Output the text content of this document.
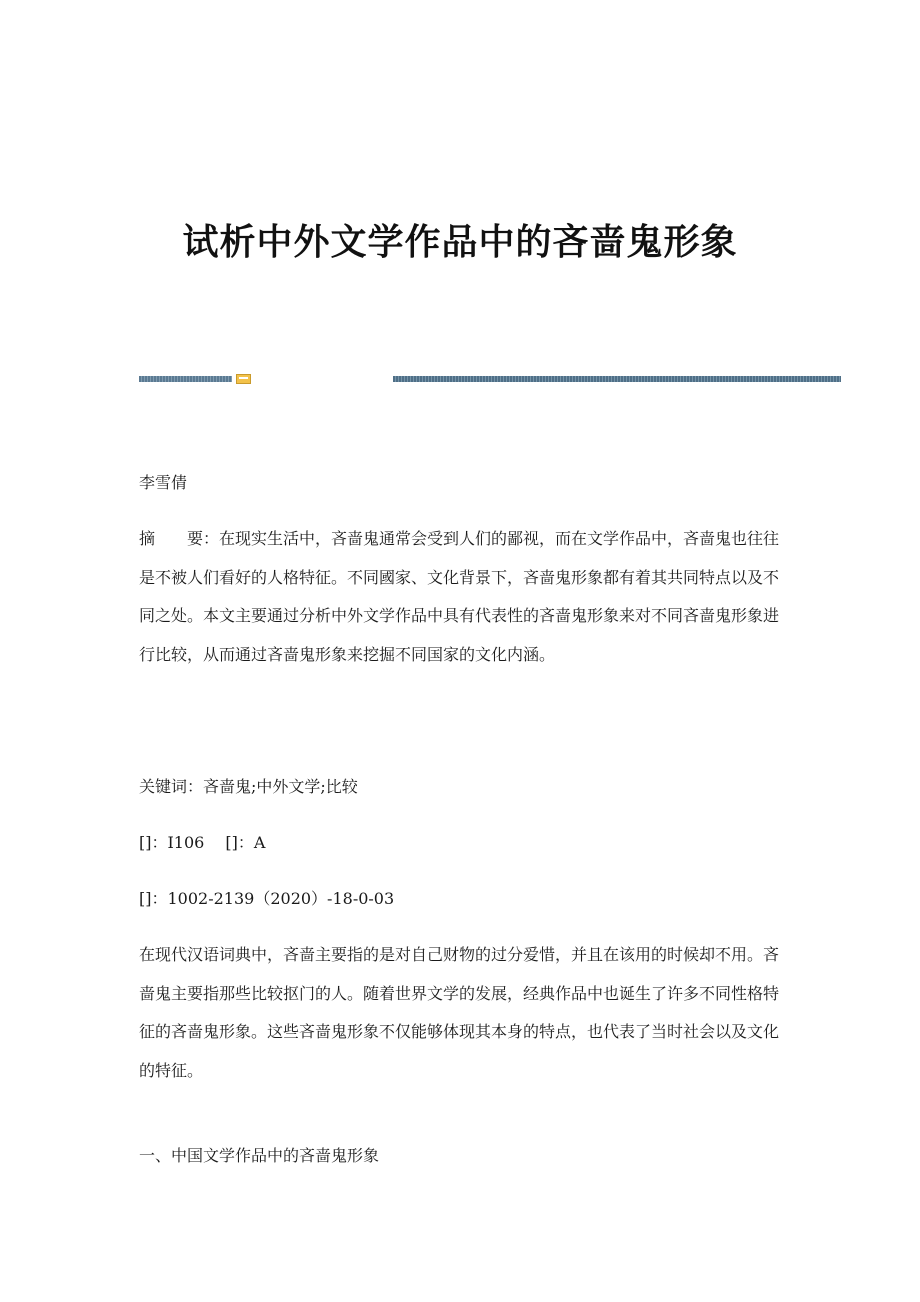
试析中外文学作品中的吝啬鬼形象

李雪倩

摘　　要：在现实生活中，吝啬鬼通常会受到人们的鄙视，而在文学作品中，吝啬鬼也往往是不被人们看好的人格特征。不同國家、文化背景下，吝啬鬼形象都有着其共同特点以及不同之处。本文主要通过分析中外文学作品中具有代表性的吝啬鬼形象来对不同吝啬鬼形象进行比较，从而通过吝啬鬼形象来挖掘不同国家的文化内涵。

关键词：吝啬鬼;中外文学;比较

[]：I106　 []：A

[]：1002-2139（2020）-18-0-03

在现代汉语词典中，吝啬主要指的是对自己财物的过分爱惜，并且在该用的时候却不用。吝啬鬼主要指那些比较抠门的人。随着世界文学的发展，经典作品中也诞生了许多不同性格特征的吝啬鬼形象。这些吝啬鬼形象不仅能够体现其本身的特点，也代表了当时社会以及文化的特征。

一、中国文学作品中的吝啬鬼形象
